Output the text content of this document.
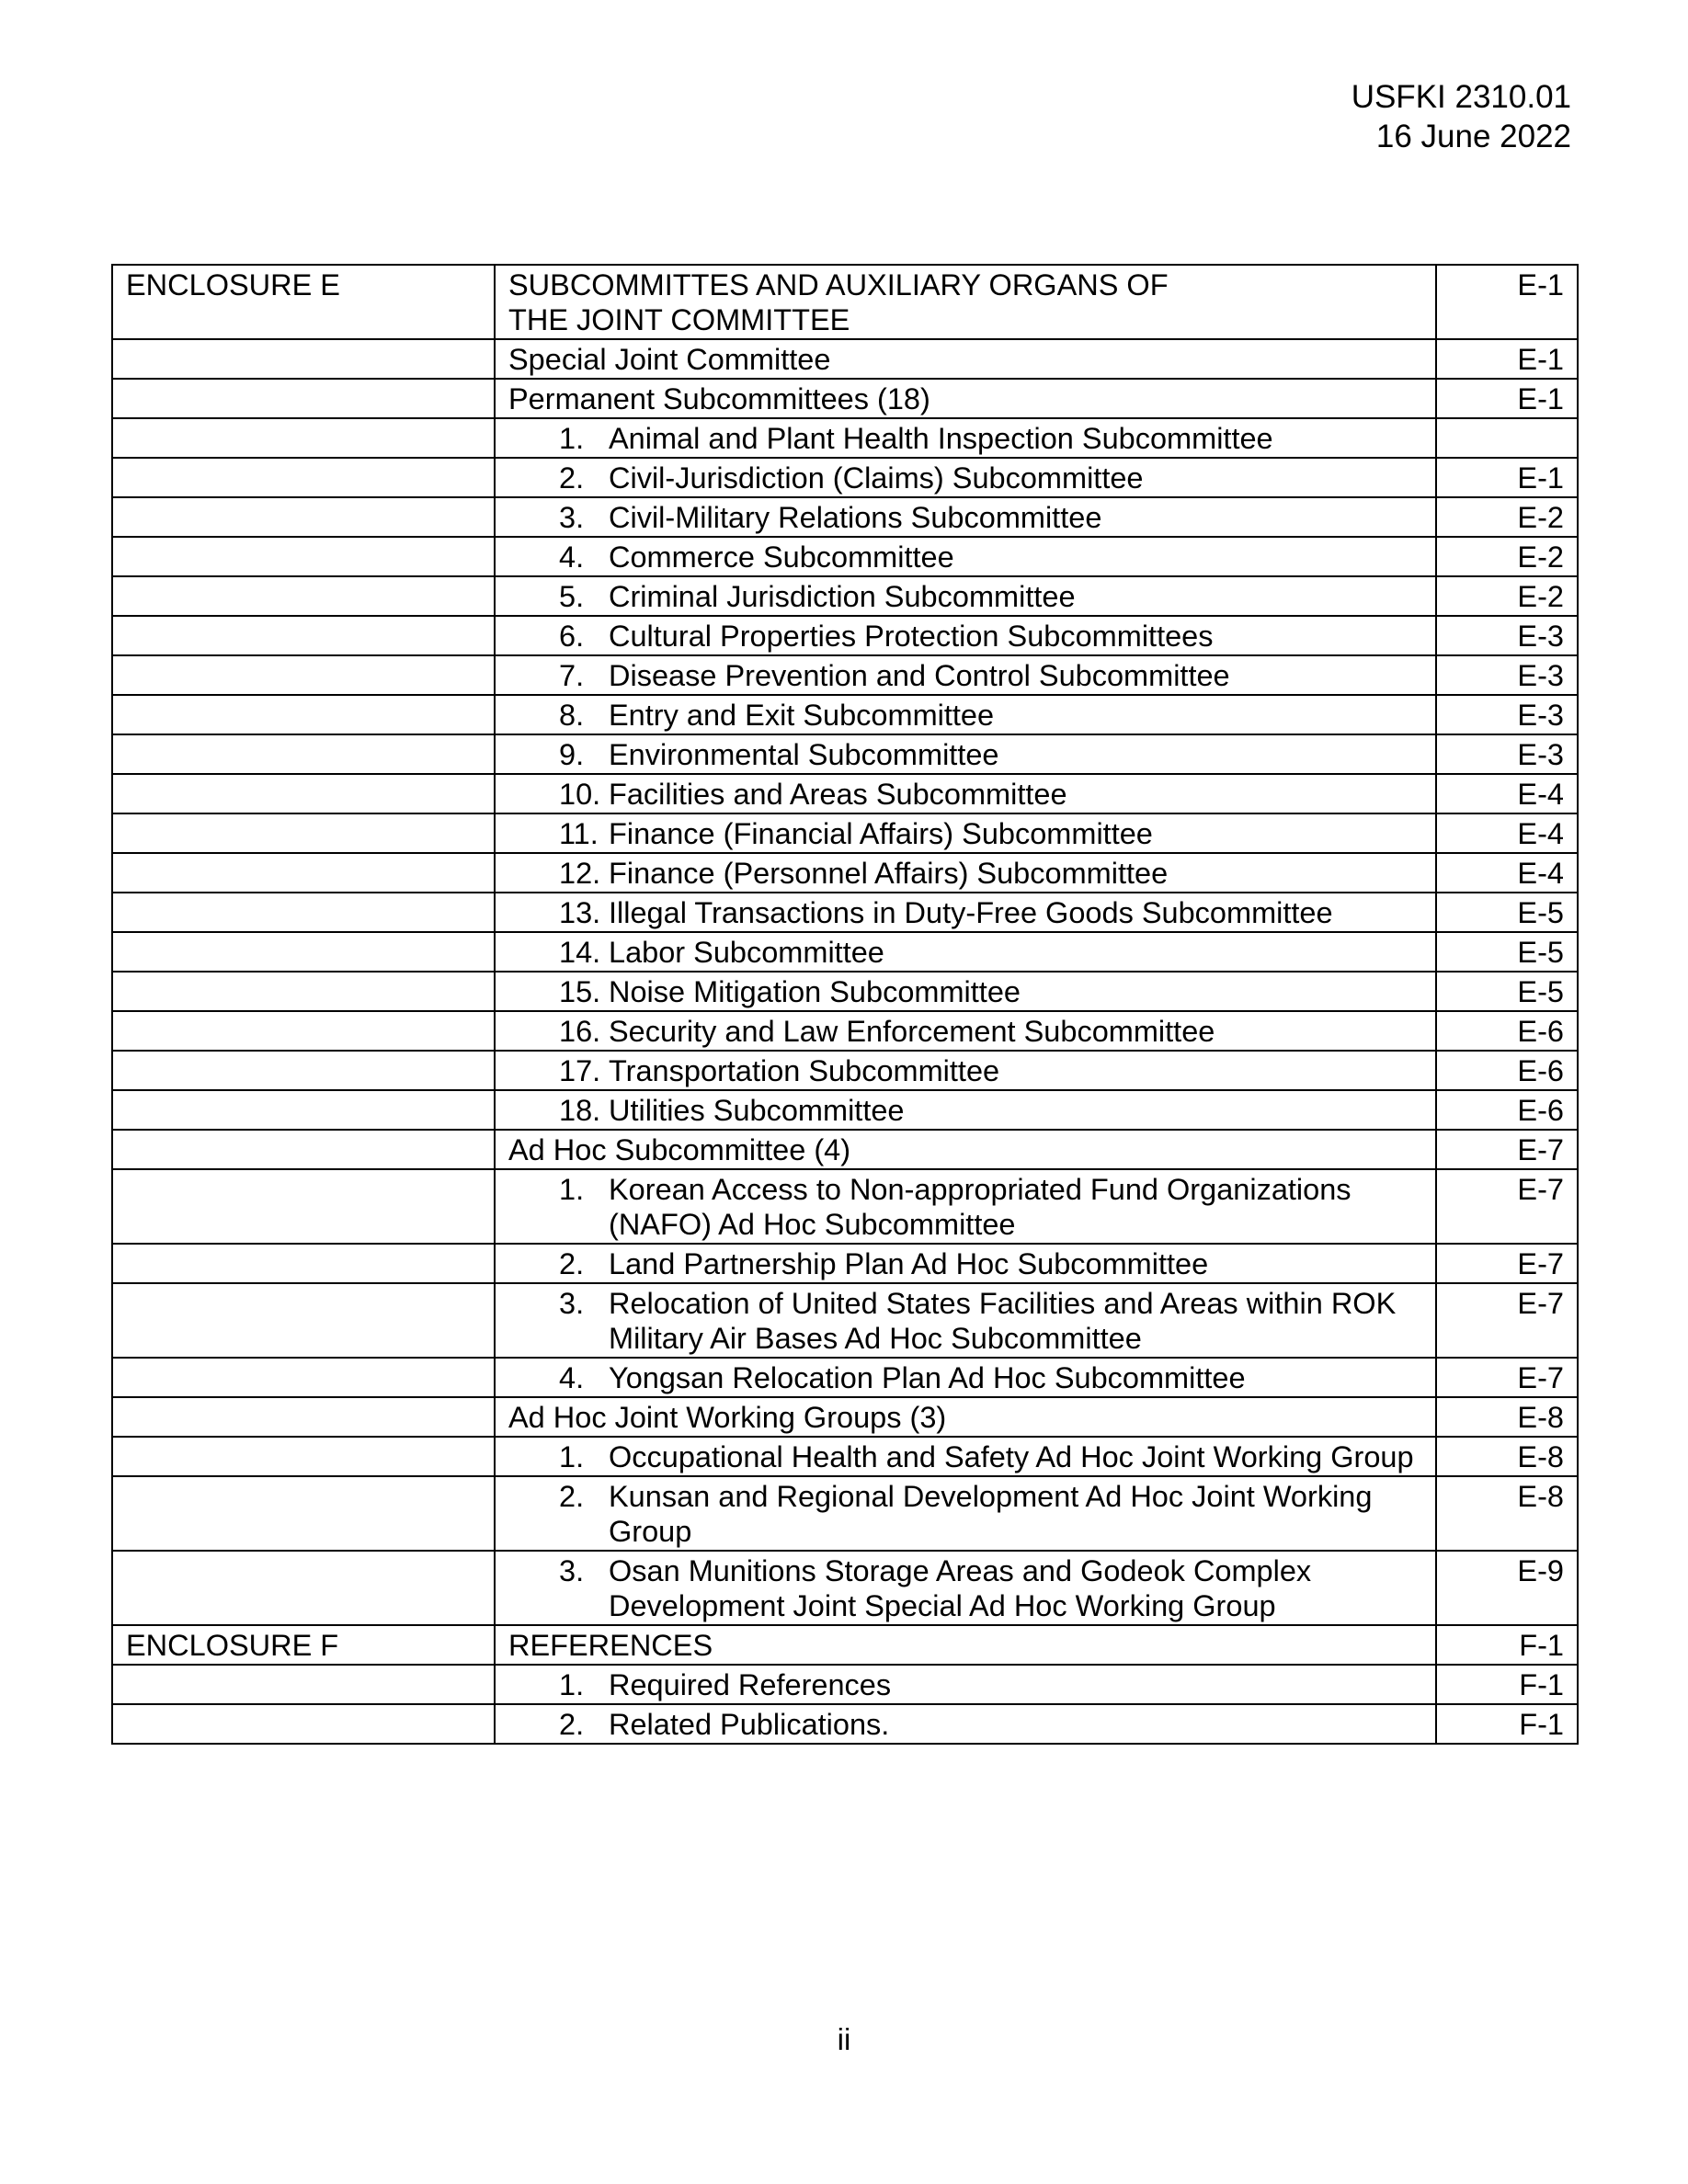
USFKI 2310.01
16 June 2022
ENCLOSURE E	SUBCOMMITTES AND AUXILIARY ORGANS OF THE JOINT COMMITTEE	E-1
	Special Joint Committee	E-1
	Permanent Subcommittees (18)	E-1

	1. Animal and Plant Health Inspection Subcommittee	

	2. Civil-Jurisdiction (Claims) Subcommittee	E-1

	3. Civil-Military Relations Subcommittee	E-2

	4. Commerce Subcommittee	E-2

	5. Criminal Jurisdiction Subcommittee	E-2

	6. Cultural Properties Protection Subcommittees	E-3

	7. Disease Prevention and Control Subcommittee	E-3

	8. Entry and Exit Subcommittee	E-3

	9. Environmental Subcommittee	E-3

	10. Facilities and Areas Subcommittee	E-4

	11. Finance (Financial Affairs) Subcommittee	E-4

	12. Finance (Personnel Affairs) Subcommittee	E-4

	13. Illegal Transactions in Duty-Free Goods Subcommittee	E-5

	14. Labor Subcommittee	E-5

	15. Noise Mitigation Subcommittee	E-5

	16. Security and Law Enforcement Subcommittee	E-6

	17. Transportation Subcommittee	E-6

	18. Utilities Subcommittee	E-6
	Ad Hoc Subcommittee (4)	E-7

	1. Korean Access to Non-appropriated Fund Organizations (NAFO) Ad Hoc Subcommittee	E-7

	2. Land Partnership Plan Ad Hoc Subcommittee	E-7

	3. Relocation of United States Facilities and Areas within ROK Military Air Bases Ad Hoc Subcommittee	E-7

	4. Yongsan Relocation Plan Ad Hoc Subcommittee	E-7
	Ad Hoc Joint Working Groups (3)	E-8

	1. Occupational Health and Safety Ad Hoc Joint Working Group	E-8

	2. Kunsan and Regional Development Ad Hoc Joint Working Group	E-8

	3. Osan Munitions Storage Areas and Godeok Complex Development Joint Special Ad Hoc Working Group	E-9
ENCLOSURE F	REFERENCES	F-1

	1. Required References	F-1

	2. Related Publications.	F-1
ii
